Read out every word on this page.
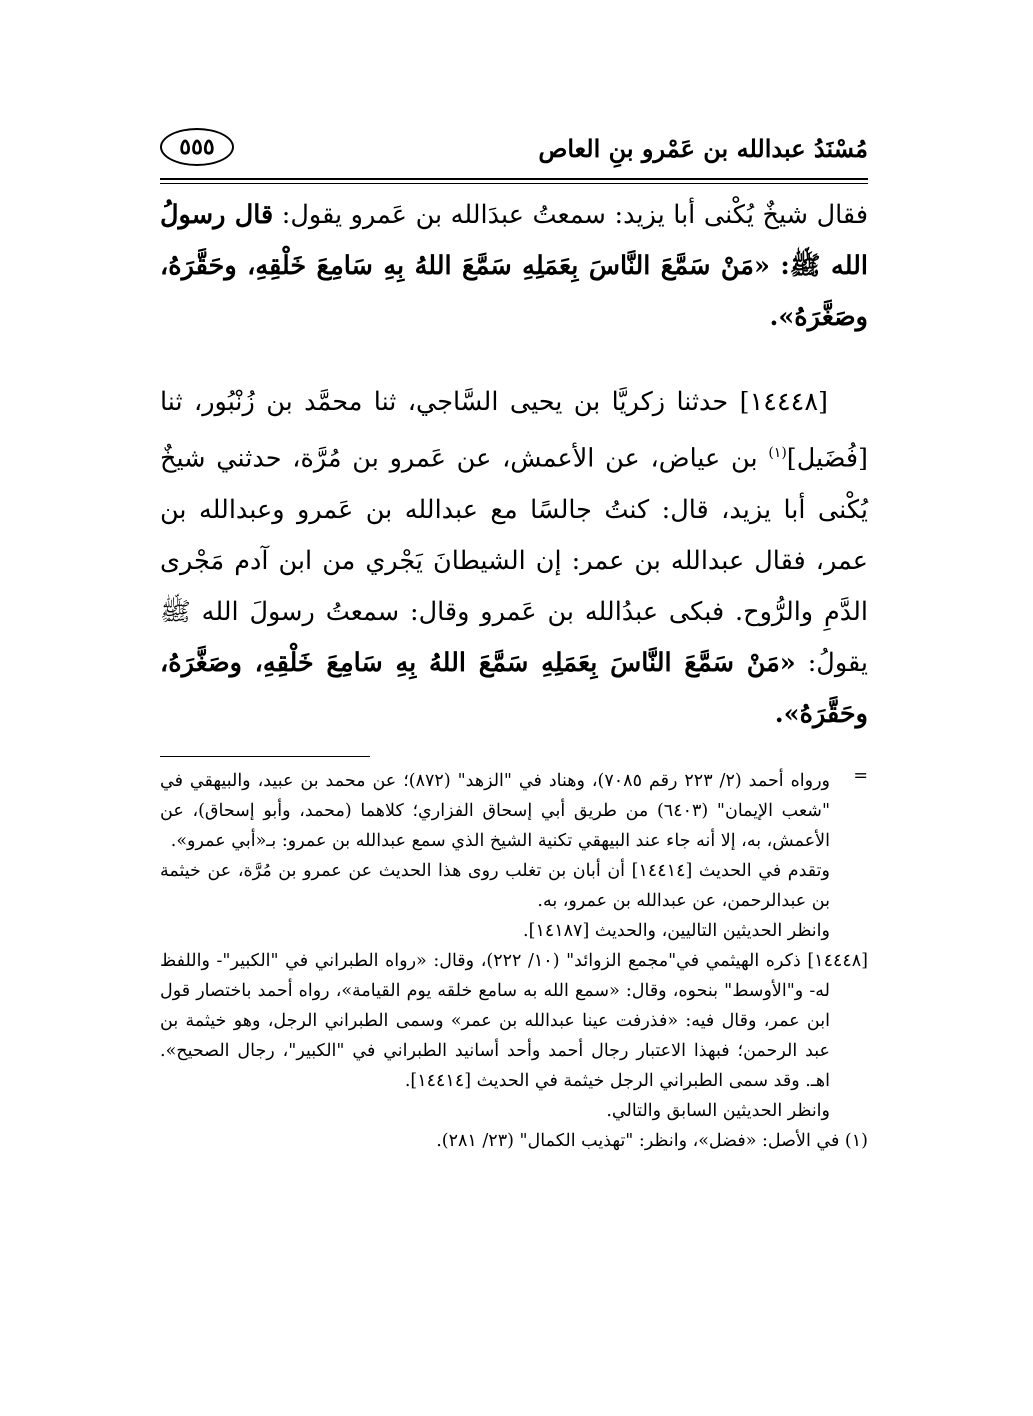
مُسْنَدُ عبدالله بن عَمْرو بنِ العاص
٥٥٥

فقال شيخٌ يُكْنى أبا يزيد: سمعتُ عبدَالله بن عَمرو يقول: قال رسولُ الله ﷺ: «مَنْ سَمَّعَ النَّاسَ بِعَمَلِهِ سَمَّعَ اللهُ بِهِ سَامِعَ خَلْقِهِ، وحَقَّرَهُ، وصَغَّرَهُ».

[١٤٤٤٨] حدثنا زكريَّا بن يحيى السَّاجي، ثنا محمَّد بن زُنْبُور، ثنا [فُضَيل]$^{(١)}$ بن عياض، عن الأعمش، عن عَمرو بن مُرَّة، حدثني شيخٌ يُكْنى أبا يزيد، قال: كنتُ جالسًا مع عبدالله بن عَمرو وعبدالله بن عمر، فقال عبدالله بن عمر: إن الشيطانَ يَجْري من ابن آدم مَجْرى الدَّمِ والرُّوح. فبكى عبدُالله بن عَمرو وقال: سمعتُ رسولَ الله ﷺ يقولُ: «مَنْ سَمَّعَ النَّاسَ بِعَمَلِهِ سَمَّعَ اللهُ بِهِ سَامِعَ خَلْقِهِ، وصَغَّرَهُ، وحَقَّرَهُ».

=

ورواه أحمد (٢/ ٢٢٣ رقم ٧٠٨٥)، وهناد في "الزهد" (٨٧٢)؛ عن محمد بن عبيد، والبيهقي في "شعب الإيمان" (٦٤٠٣) من طريق أبي إسحاق الفزاري؛ كلاهما (محمد، وأبو إسحاق)، عن الأعمش، به، إلا أنه جاء عند البيهقي تكنية الشيخ الذي سمع عبدالله بن عمرو: بـ«أبي عمرو».

وتقدم في الحديث [١٤٤١٤] أن أبان بن تغلب روى هذا الحديث عن عمرو بن مُرَّة، عن خيثمة بن عبدالرحمن، عن عبدالله بن عمرو، به.

وانظر الحديثين التاليين، والحديث [١٤١٨٧].

[١٤٤٤٨] ذكره الهيثمي في"مجمع الزوائد" (١٠/ ٢٢٢)، وقال: «رواه الطبراني في "الكبير"- واللفظ له- و"الأوسط" بنحوه، وقال: «سمع الله به سامع خلقه يوم القيامة»، رواه أحمد باختصار قول ابن عمر، وقال فيه: «فذرفت عينا عبدالله بن عمر» وسمى الطبراني الرجل، وهو خيثمة بن عبد الرحمن؛ فبهذا الاعتبار رجال أحمد وأحد أسانيد الطبراني في "الكبير"، رجال الصحيح». اهـ. وقد سمى الطبراني الرجل خيثمة في الحديث [١٤٤١٤].

وانظر الحديثين السابق والتالي.

(١) في الأصل: «فضل»، وانظر: "تهذيب الكمال" (٢٣/ ٢٨١).
